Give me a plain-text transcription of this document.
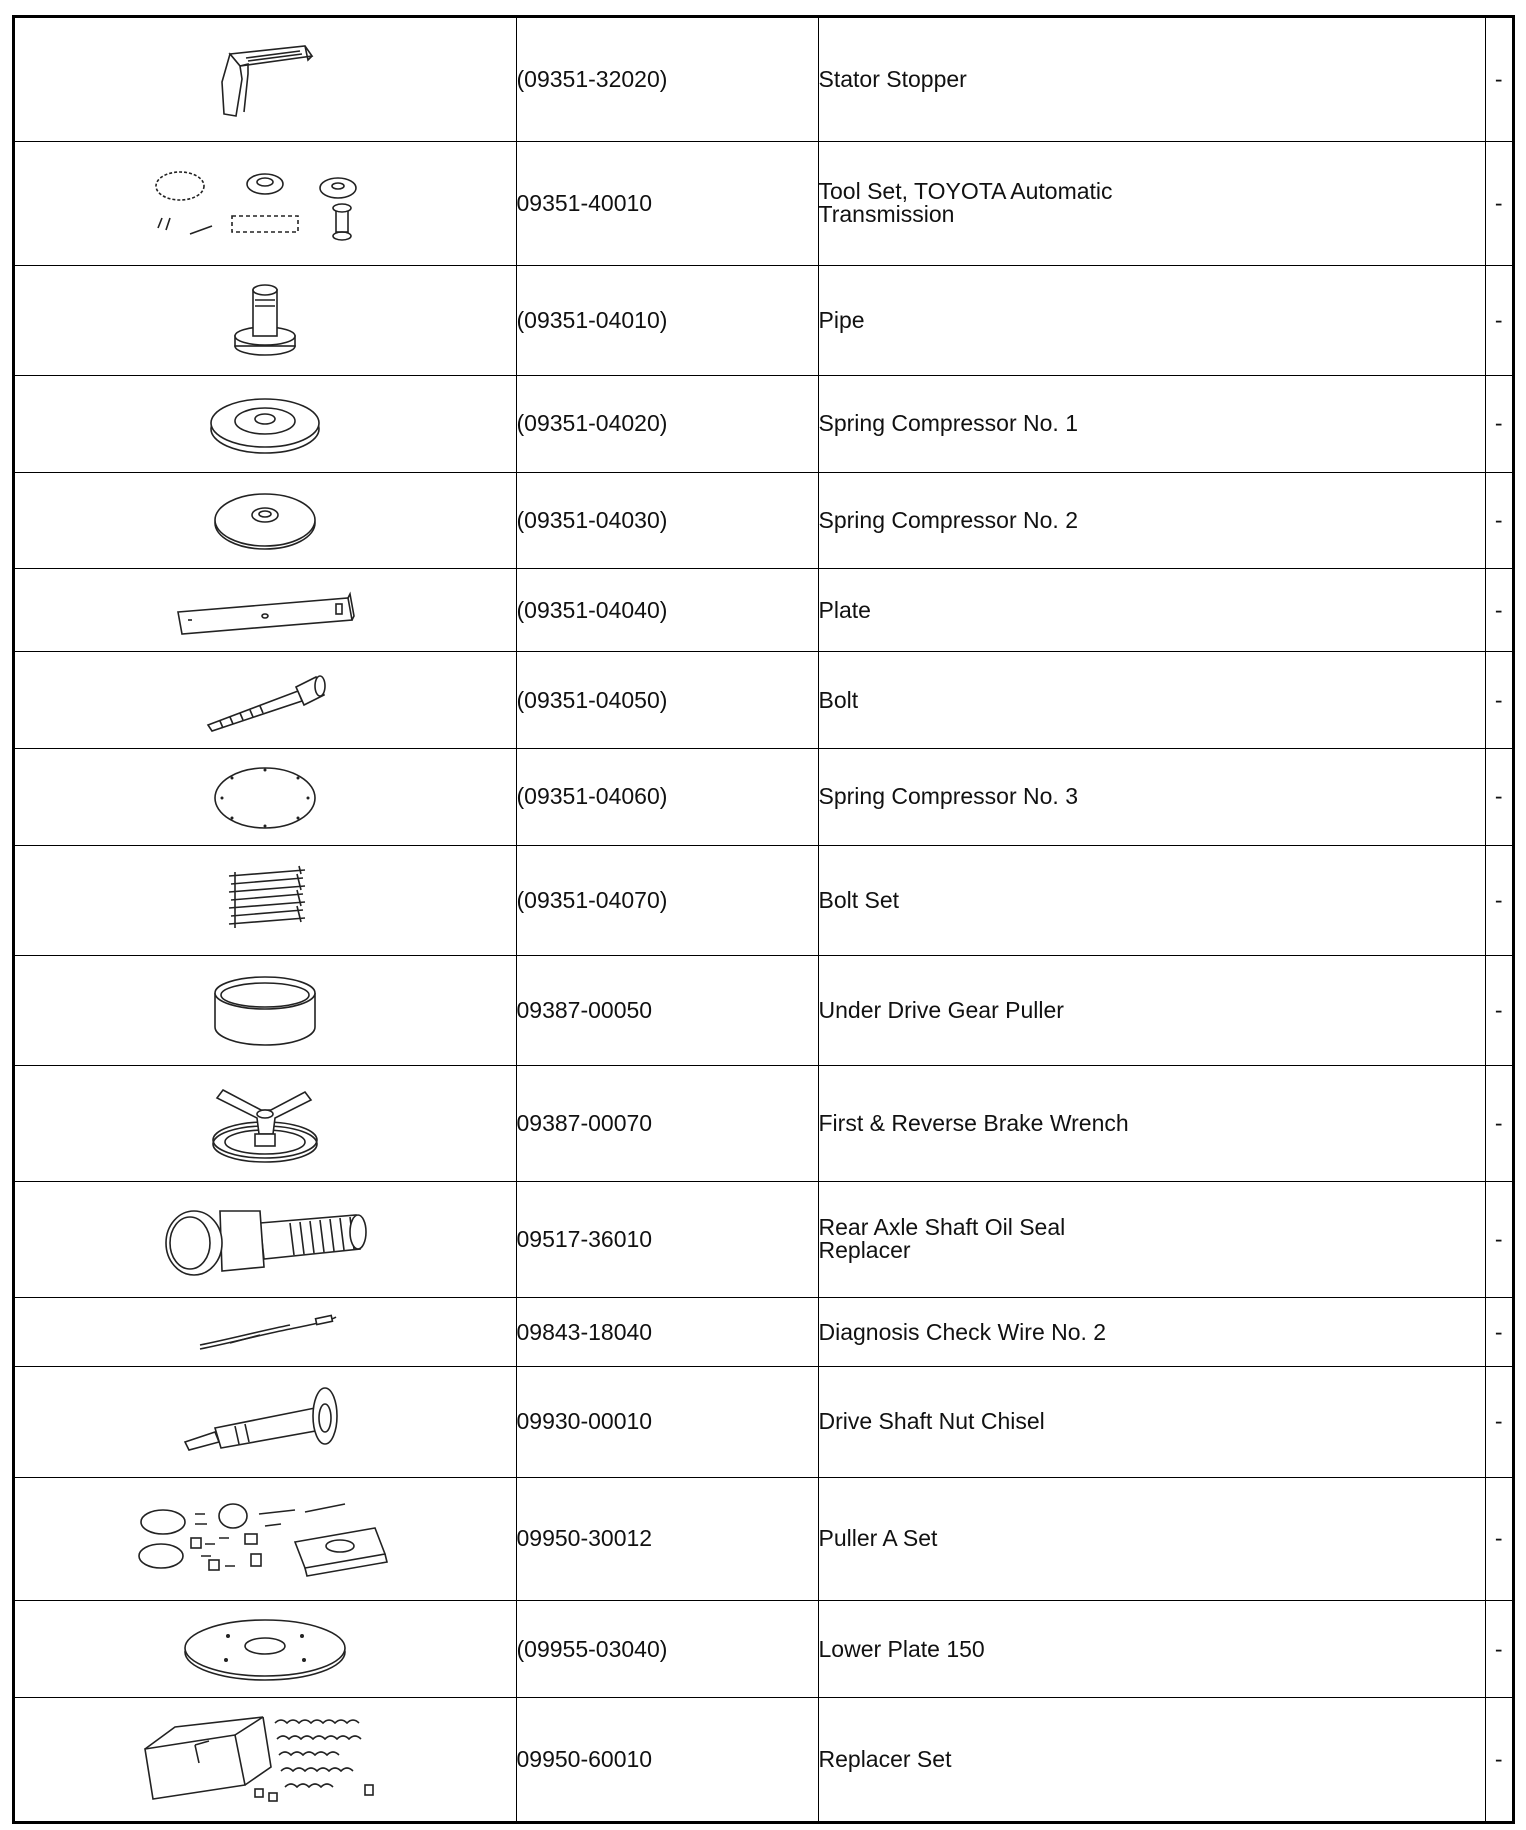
	(09351-32020)	Stator Stopper	-

	09351-40010	Tool Set, TOYOTA Automatic Transmission	-

	(09351-04010)	Pipe	-

	(09351-04020)	Spring Compressor No. 1	-

	(09351-04030)	Spring Compressor No. 2	-

	(09351-04040)	Plate	-

	(09351-04050)	Bolt	-

	(09351-04060)	Spring Compressor No. 3	-

	(09351-04070)	Bolt Set	-

	09387-00050	Under Drive Gear Puller	-

	09387-00070	First & Reverse Brake Wrench	-

	09517-36010	Rear Axle Shaft Oil Seal Replacer	-

	09843-18040	Diagnosis Check Wire No. 2	-

	09930-00010	Drive Shaft Nut Chisel	-

	09950-30012	Puller A Set	-

	(09955-03040)	Lower Plate 150	-

	09950-60010	Replacer Set	-
